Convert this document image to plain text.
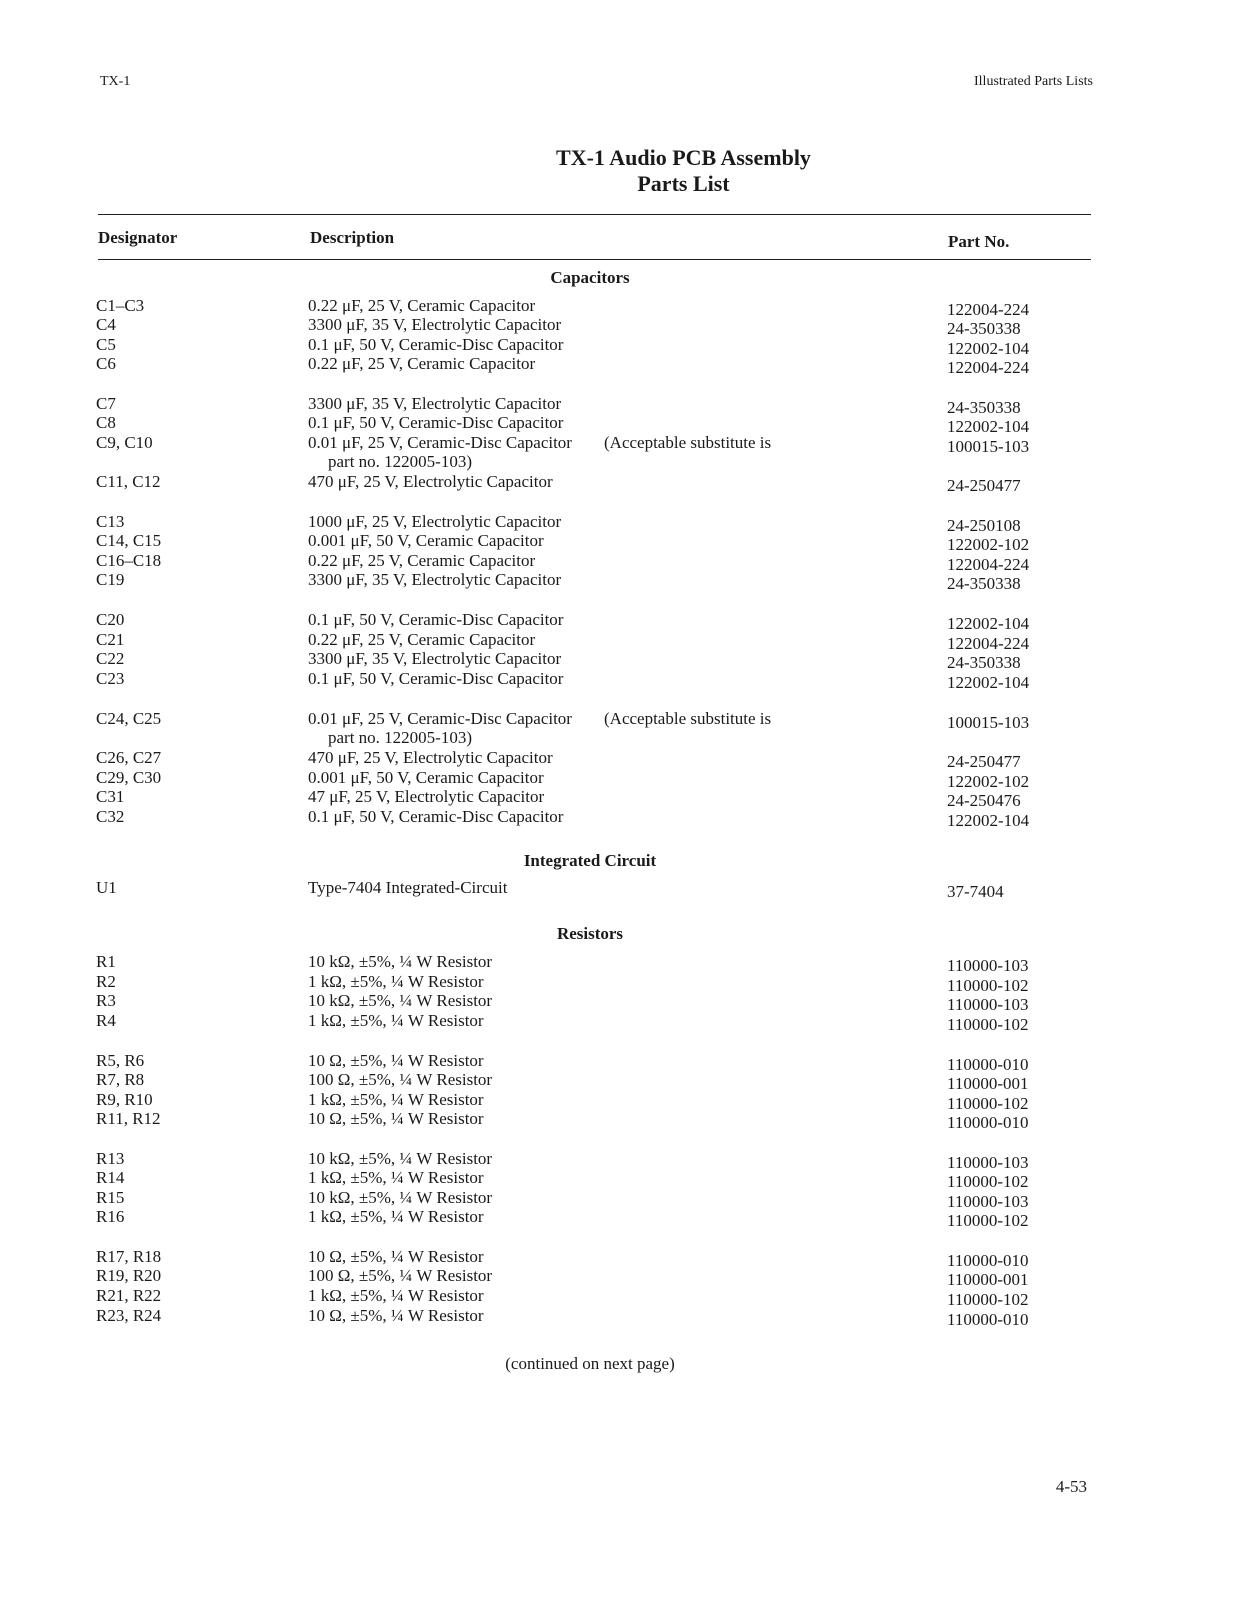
TX-1	Illustrated Parts Lists
TX-1 Audio PCB Assembly
Parts List
Designator	Description	Part No.
Capacitors
C1–C3	0.22 μF, 25 V, Ceramic Capacitor	122004-224
C4	3300 μF, 35 V, Electrolytic Capacitor	24-350338
C5	0.1 μF, 50 V, Ceramic-Disc Capacitor	122002-104
C6	0.22 μF, 25 V, Ceramic Capacitor	122004-224
C7	3300 μF, 35 V, Electrolytic Capacitor	24-350338
C8	0.1 μF, 50 V, Ceramic-Disc Capacitor	122002-104
C9, C10	0.01 μF, 25 V, Ceramic-Disc Capacitor (Acceptable substitute is	100015-103
part no. 122005-103)
C11, C12	470 μF, 25 V, Electrolytic Capacitor	24-250477
C13	1000 μF, 25 V, Electrolytic Capacitor	24-250108
C14, C15	0.001 μF, 50 V, Ceramic Capacitor	122002-102
C16–C18	0.22 μF, 25 V, Ceramic Capacitor	122004-224
C19	3300 μF, 35 V, Electrolytic Capacitor	24-350338
C20	0.1 μF, 50 V, Ceramic-Disc Capacitor	122002-104
C21	0.22 μF, 25 V, Ceramic Capacitor	122004-224
C22	3300 μF, 35 V, Electrolytic Capacitor	24-350338
C23	0.1 μF, 50 V, Ceramic-Disc Capacitor	122002-104
C24, C25	0.01 μF, 25 V, Ceramic-Disc Capacitor (Acceptable substitute is	100015-103
part no. 122005-103)
C26, C27	470 μF, 25 V, Electrolytic Capacitor	24-250477
C29, C30	0.001 μF, 50 V, Ceramic Capacitor	122002-102
C31	47 μF, 25 V, Electrolytic Capacitor	24-250476
C32	0.1 μF, 50 V, Ceramic-Disc Capacitor	122002-104
Integrated Circuit
U1	Type-7404 Integrated-Circuit	37-7404
Resistors
R1	10 kΩ, ±5%, ¼ W Resistor	110000-103
R2	1 kΩ, ±5%, ¼ W Resistor	110000-102
R3	10 kΩ, ±5%, ¼ W Resistor	110000-103
R4	1 kΩ, ±5%, ¼ W Resistor	110000-102
R5, R6	10 Ω, ±5%, ¼ W Resistor	110000-010
R7, R8	100 Ω, ±5%, ¼ W Resistor	110000-001
R9, R10	1 kΩ, ±5%, ¼ W Resistor	110000-102
R11, R12	10 Ω, ±5%, ¼ W Resistor	110000-010
R13	10 kΩ, ±5%, ¼ W Resistor	110000-103
R14	1 kΩ, ±5%, ¼ W Resistor	110000-102
R15	10 kΩ, ±5%, ¼ W Resistor	110000-103
R16	1 kΩ, ±5%, ¼ W Resistor	110000-102
R17, R18	10 Ω, ±5%, ¼ W Resistor	110000-010
R19, R20	100 Ω, ±5%, ¼ W Resistor	110000-001
R21, R22	1 kΩ, ±5%, ¼ W Resistor	110000-102
R23, R24	10 Ω, ±5%, ¼ W Resistor	110000-010
(continued on next page)
4-53
